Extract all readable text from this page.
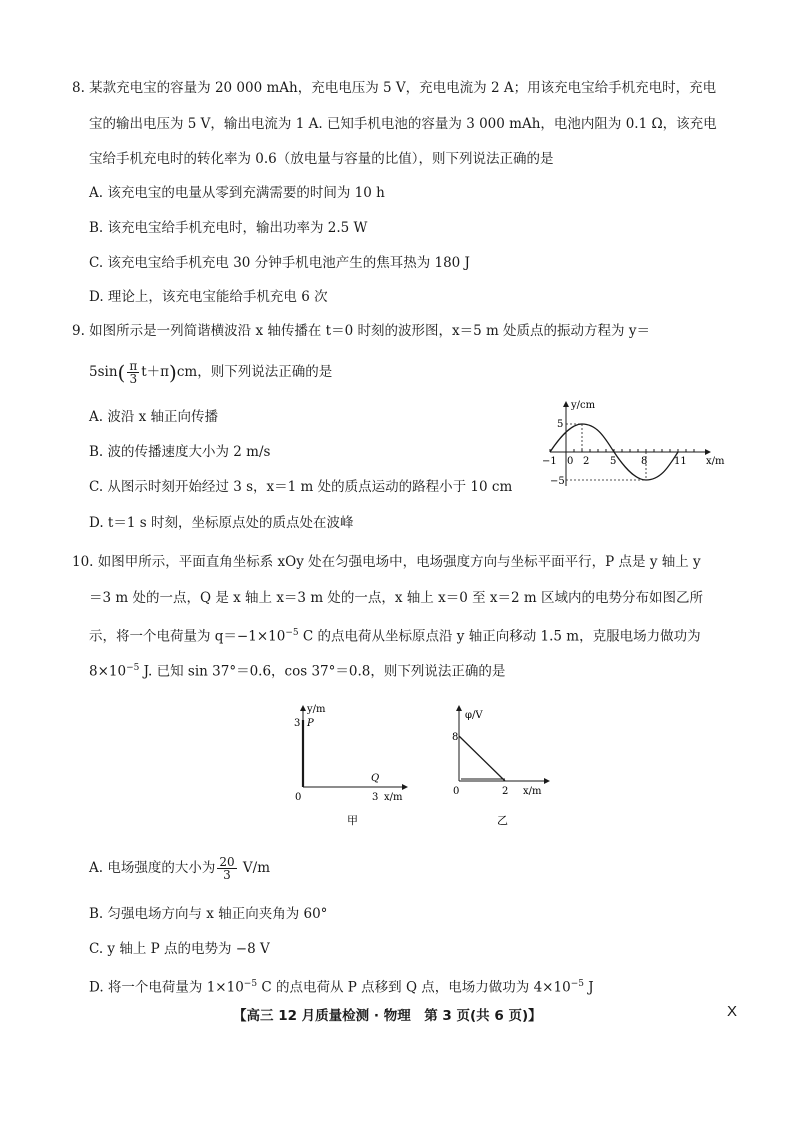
8. 某款充电宝的容量为 20 000 mAh，充电电压为 5 V，充电电流为 2 A；用该充电宝给手机充电时，充电
宝的输出电压为 5 V，输出电流为 1 A. 已知手机电池的容量为 3 000 mAh，电池内阻为 0.1 Ω，该充电
宝给手机充电时的转化率为 0.6（放电量与容量的比值），则下列说法正确的是
A. 该充电宝的电量从零到充满需要的时间为 10 h
B. 该充电宝给手机充电时，输出功率为 2.5 W
C. 该充电宝给手机充电 30 分钟手机电池产生的焦耳热为 180 J
D. 理论上，该充电宝能给手机充电 6 次
9. 如图所示是一列简谐横波沿 x 轴传播在 t＝0 时刻的波形图，x＝5 m 处质点的振动方程为 y＝
$5\sin( \frac{\pi}{3} t+\pi)cm$，则下列说法正确的是
A. 波沿 x 轴正向传播
B. 波的传播速度大小为 2 m/s
C. 从图示时刻开始经过 3 s，x＝1 m 处的质点运动的路程小于 10 cm
D. t＝1 s 时刻，坐标原点处的质点处在波峰
y/cm
x/m
5
−5
−1 0 2 5 8	11
10. 如图甲所示，平面直角坐标系 xOy 处在匀强电场中，电场强度方向与坐标平面平行，P 点是 y 轴上 y
＝3 m 处的一点，Q 是 x 轴上 x＝3 m 处的一点，x 轴上 x＝0 至 x＝2 m 区域内的电势分布如图乙所
示，将一个电荷量为 $q=-1\times 10^{-5}$ C 的点电荷从坐标原点沿 y 轴正向移动 1.5 m，克服电场力做功为
$8\times 10^{-5}$ J. 已知 sin 37°＝0.6，cos 37°＝0.8，则下列说法正确的是
y/m
3 P
Q
0	3 x/m
甲
φ/V
8
0	2 x/m
乙
A. 电场强度的大小为 $\frac{20}{3} V/m$
B. 匀强电场方向与 x 轴正向夹角为 60°
C. y 轴上 P 点的电势为 −8 V
D. 将一个电荷量为 $1\times 10^{-5}$ C 的点电荷从 P 点移到 Q 点，电场力做功为 $4\times 10^{-5}$ J
【高三 12 月质量检测 · 物理　第 3 页(共 6 页)】	X
